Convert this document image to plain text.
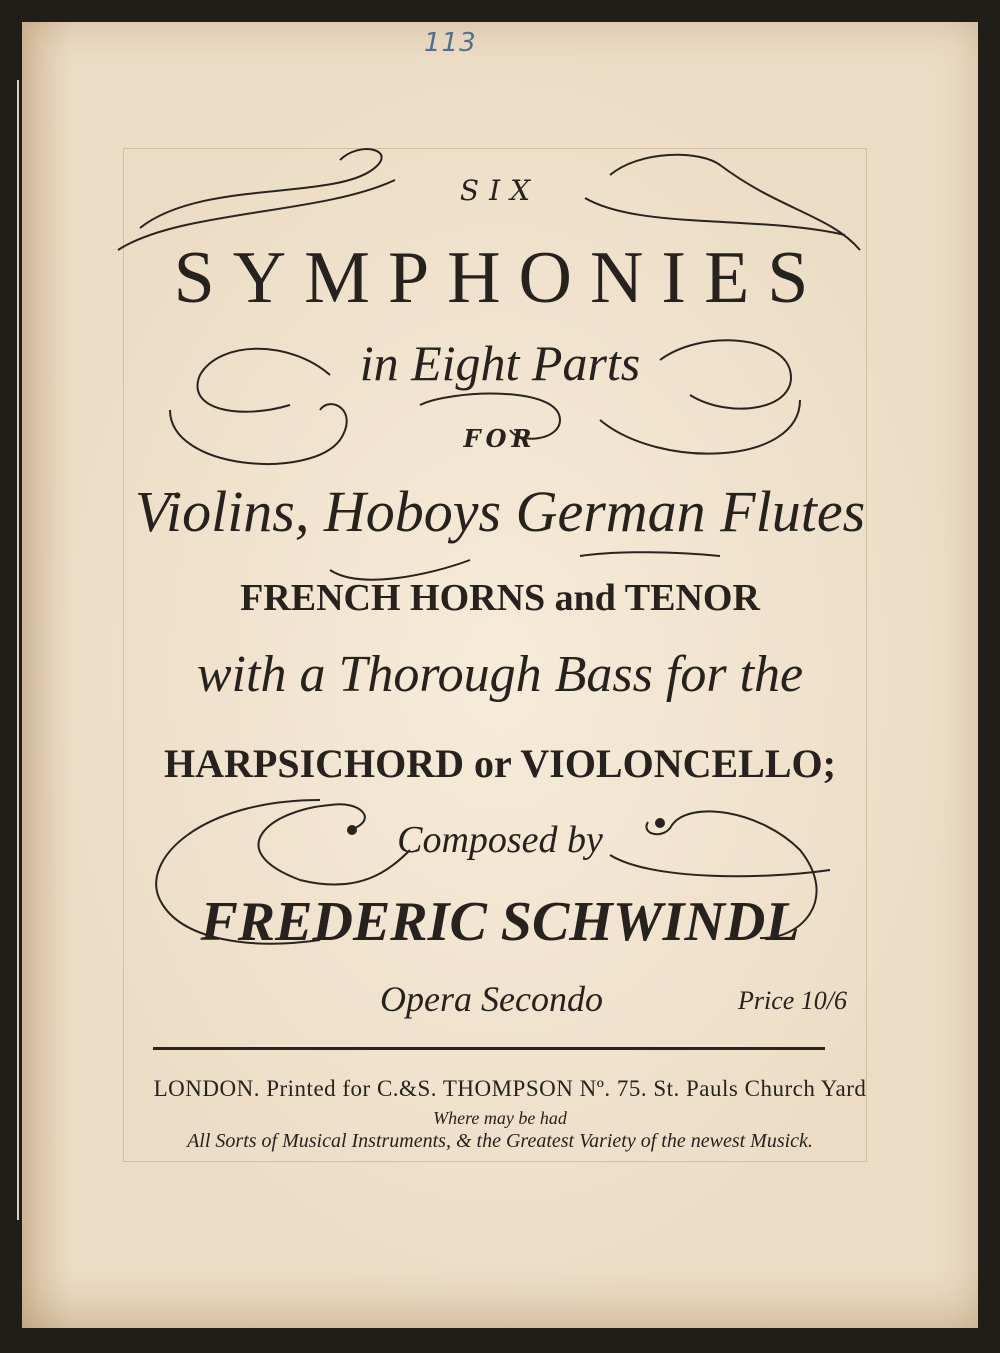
113
SIX
SYMPHONIES
in Eight Parts
FOR
Violins, Hoboys German Flutes
FRENCH HORNS and TENOR
with a Thorough Bass for the
HARPSICHORD or VIOLONCELLO;
Composed by
FREDERIC SCHWINDL
Opera Secondo	Price 10/6
LONDON. Printed for C.&S. THOMPSON Nº. 75. St. Pauls Church Yard
Where may be had
All Sorts of Musical Instruments, & the Greatest Variety of the newest Musick.
